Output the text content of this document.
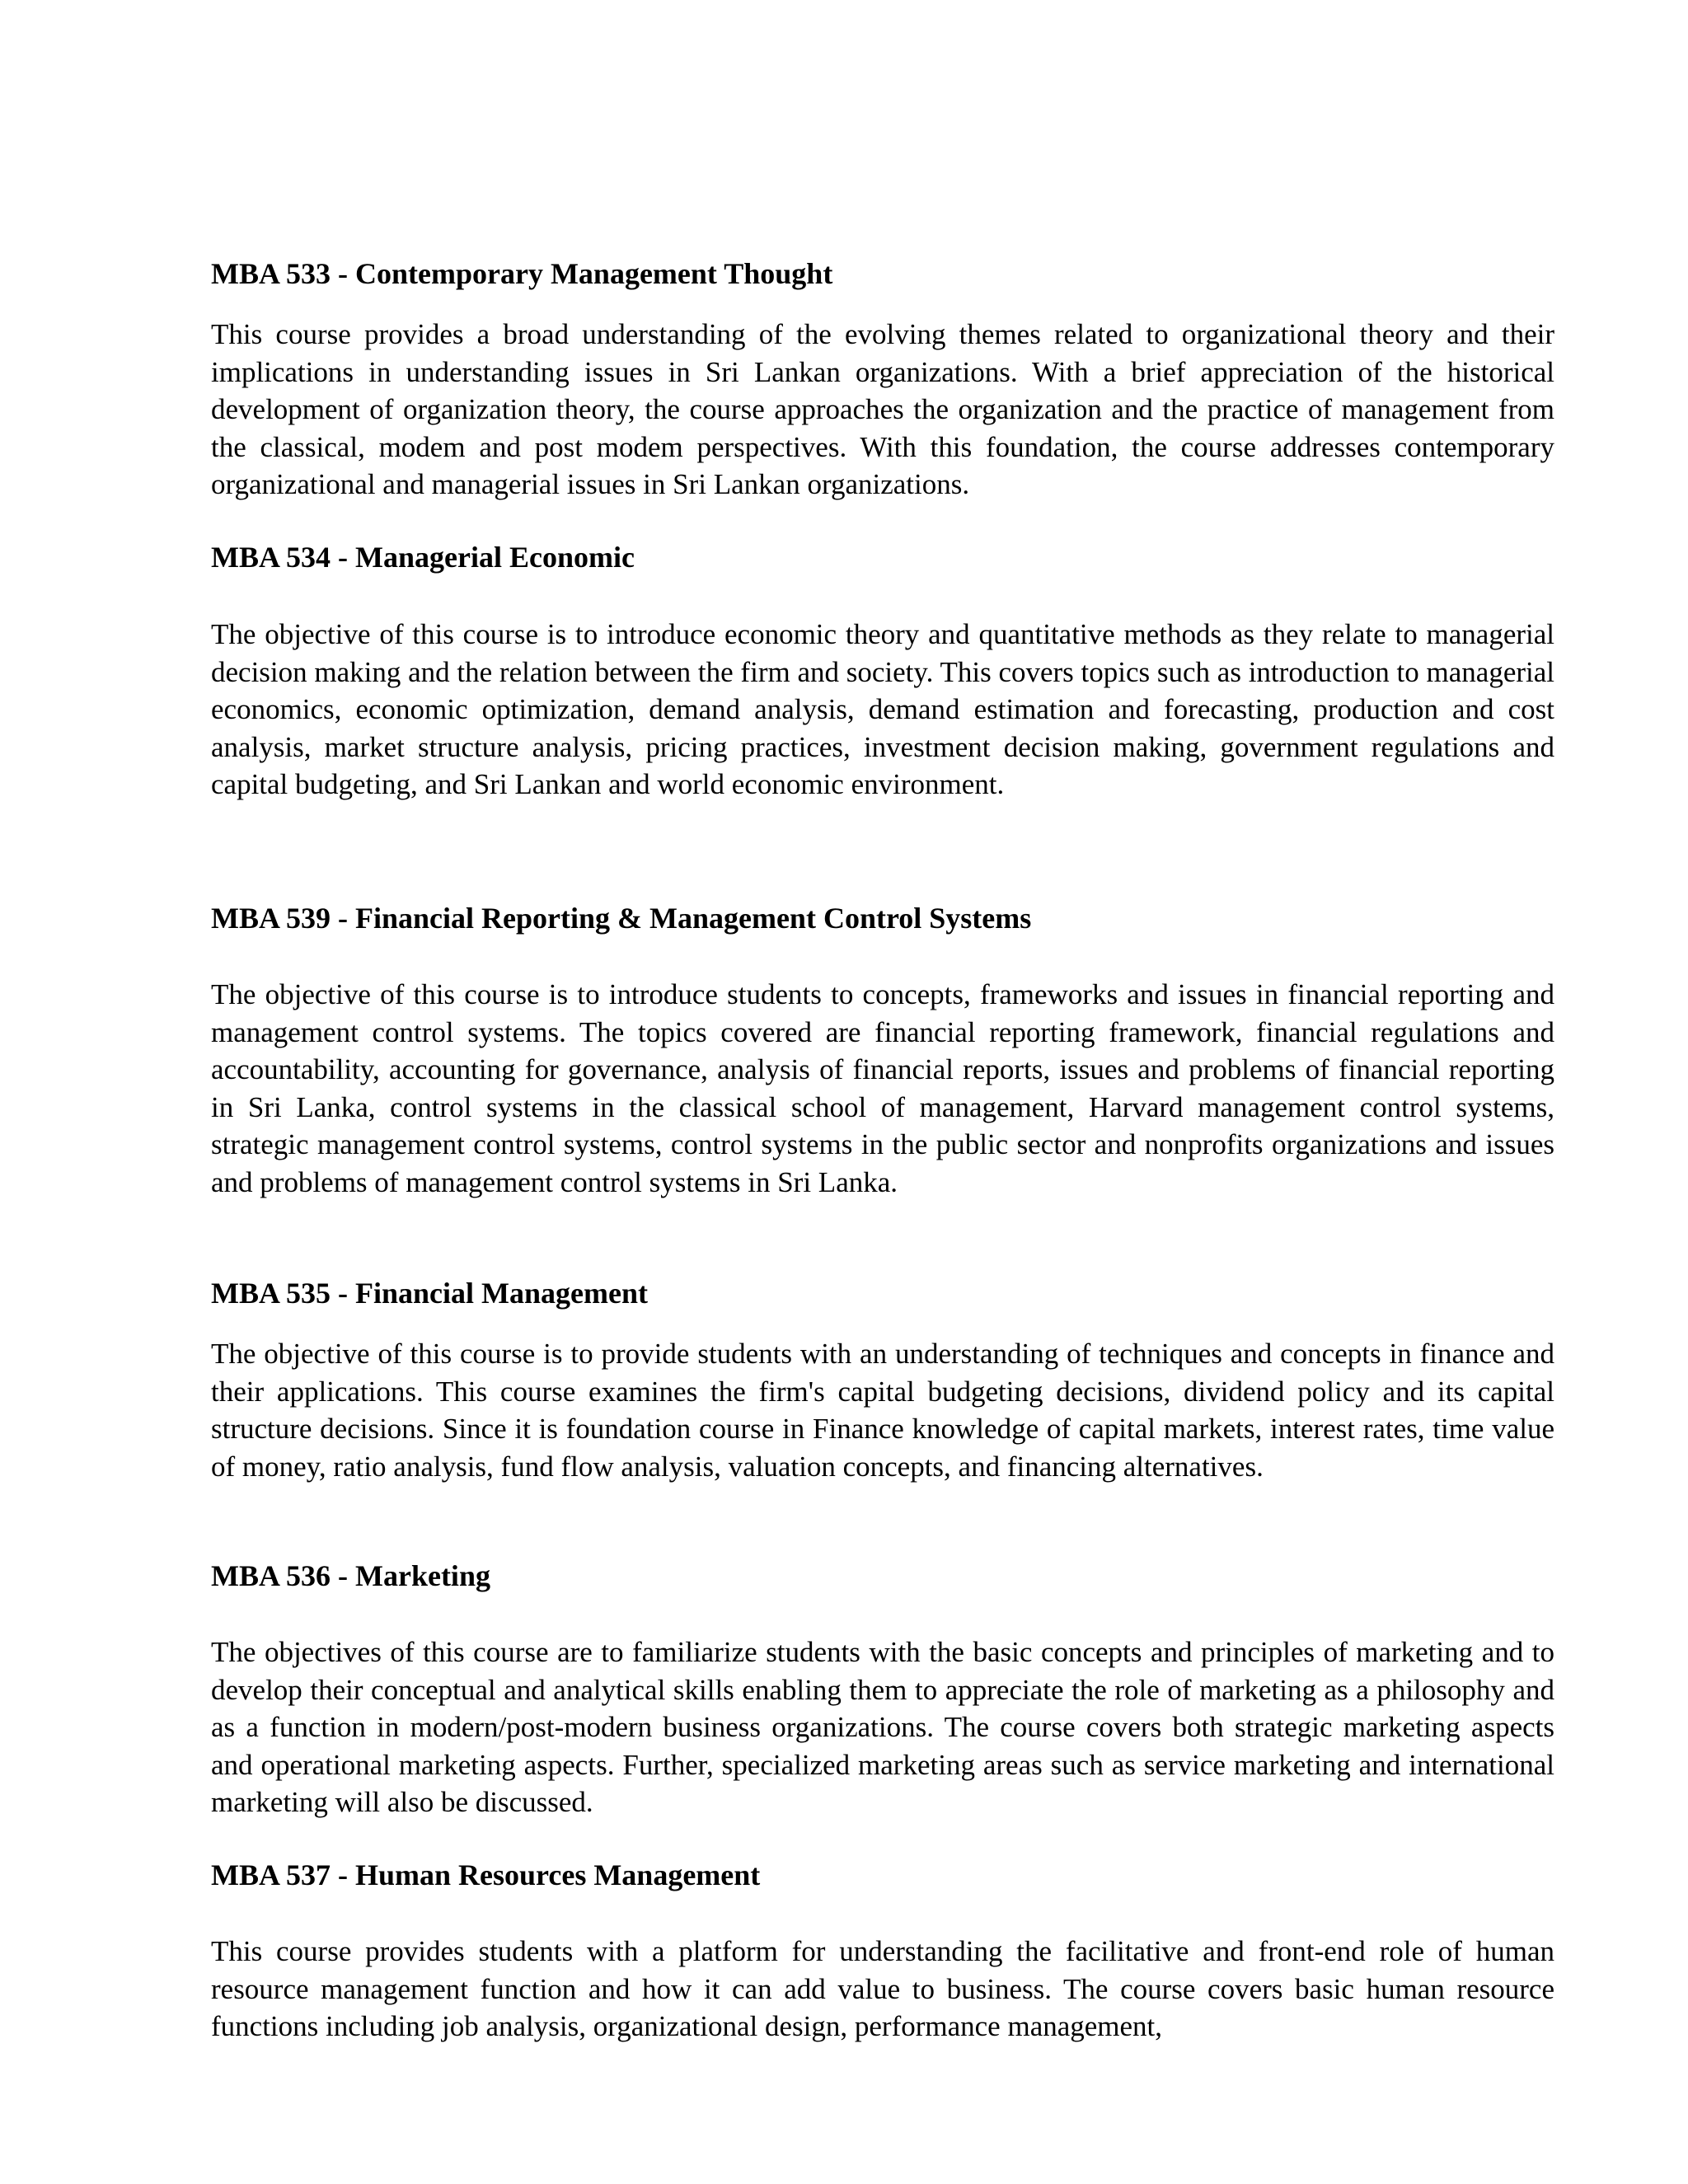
MBA 533 - Contemporary Management Thought

This course provides a broad understanding of the evolving themes related to organizational theory and their implications in understanding issues in Sri Lankan organizations. With a brief appreciation of the historical development of organization theory, the course approaches the organization and the practice of management from the classical, modem and post modem perspectives. With this foundation, the course addresses contemporary organizational and managerial issues in Sri Lankan organizations.

MBA 534 - Managerial Economic

The objective of this course is to introduce economic theory and quantitative methods as they relate to managerial decision making and the relation between the firm and society. This covers topics such as introduction to managerial economics, economic optimization, demand analysis, demand estimation and forecasting, production and cost analysis, market structure analysis, pricing practices, investment decision making, government regulations and capital budgeting, and Sri Lankan and world economic environment.

MBA 539 - Financial Reporting & Management Control Systems

The objective of this course is to introduce students to concepts, frameworks and issues in financial reporting and management control systems. The topics covered are financial reporting framework, financial regulations and accountability, accounting for governance, analysis of financial reports, issues and problems of financial reporting in Sri Lanka, control systems in the classical school of management, Harvard management control systems, strategic management control systems, control systems in the public sector and nonprofits organizations and issues and problems of management control systems in Sri Lanka.

MBA 535 - Financial Management

The objective of this course is to provide students with an understanding of techniques and concepts in finance and their applications. This course examines the firm's capital budgeting decisions, dividend policy and its capital structure decisions. Since it is foundation course in Finance knowledge of capital markets, interest rates, time value of money, ratio analysis, fund flow analysis, valuation concepts, and financing alternatives.

MBA 536 - Marketing

The objectives of this course are to familiarize students with the basic concepts and principles of marketing and to develop their conceptual and analytical skills enabling them to appreciate the role of marketing as a philosophy and as a function in modern/post-modern business organizations. The course covers both strategic marketing aspects and operational marketing aspects. Further, specialized marketing areas such as service marketing and international marketing will also be discussed.

MBA 537 - Human Resources Management

This course provides students with a platform for understanding the facilitative and front-end role of human resource management function and how it can add value to business. The course covers basic human resource functions including job analysis, organizational design, performance management,
